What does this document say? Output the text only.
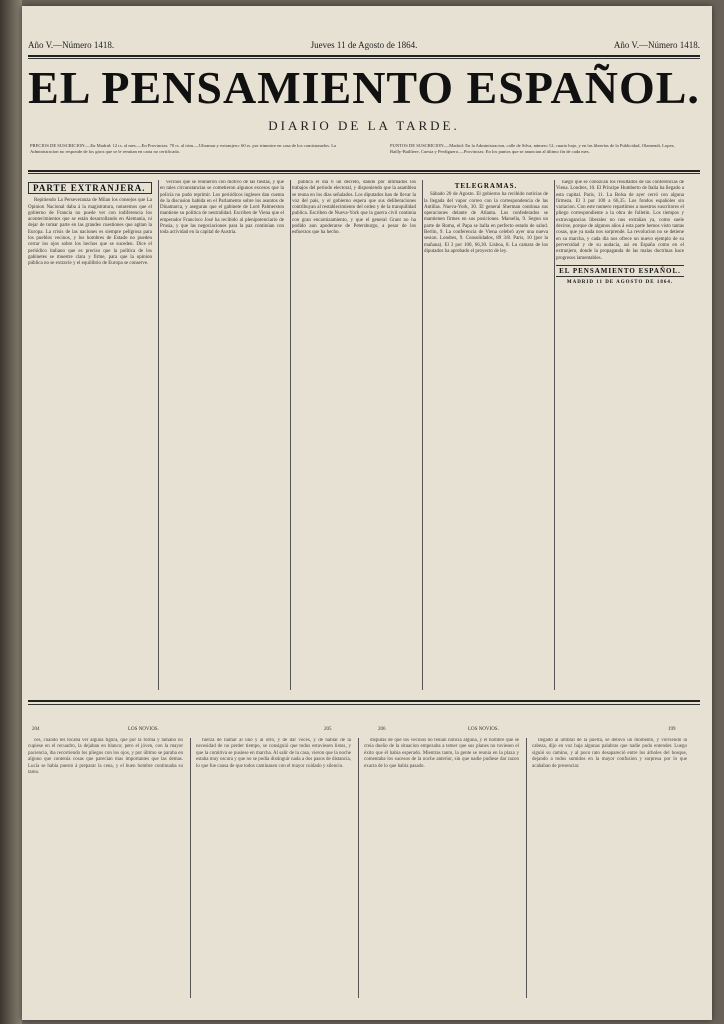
Año V.—Número 1418.	Jueves 11 de Agosto de 1864.	Año V.—Número 1418.
EL PENSAMIENTO ESPAÑOL.
DIARIO DE LA TARDE.
PRECIOS DE SUSCRICION.—En Madrid: 12 rs. al mes.—En Provincias: 70 rs. al trim.—Ultramar y extranjero: 60 rs. por trimestre en casa de los comisionados. La Administracion no responde de los giros que se le remitan en carta no certificada.
PUNTOS DE SUSCRICION.—Madrid: En la Administracion, calle de Silva, número 12, cuarto bajo, y en las librerías de la Publicidad, Olamendi, Lopez, Bailly-Bailliere, Cuesta y Perdiguero.—Provincias: En los puntos que se anuncian al último fin de cada mes.
PARTE EXTRANJERA.

Repitiendo La Perseveranza de Milan los consejos que La Opinion Nacional daba á la magistratura, notaremos que el gobierno de Francia no puede ver con indiferencia los acontecimientos que se están desarrollando en Alemania, ni dejar de tomar parte en las grandes cuestiones que agitan la Europa. La crisis de las naciones es siempre peligrosa para los pueblos vecinos, y los hombres de Estado no pueden cerrar los ojos sobre los hechos que se suceden. Dice el periódico italiano que es preciso que la política de los gabinetes se muestre clara y firme, para que la opinion pública no se extravíe y el equilibrio de Europa se conserve.

vecinos que se reunieron con motivo de las fiestas, y que en tales circunstancias se cometieron algunos excesos que la policía no pudo reprimir. Los periódicos ingleses dan cuenta de la discusion habida en el Parlamento sobre los asuntos de Dinamarca, y aseguran que el gabinete de Lord Palmerston mantiene su politica de neutralidad. Escriben de Viena que el emperador Francisco José ha recibido al plenipotenciario de Prusia, y que las negociaciones para la paz continúan con toda actividad en la capital de Austria.

publica el dia 6 un decreto, dando por ultimados los trabajos del periodo electoral, y disponiendo que la asamblea se reuna en los dias señalados. Los diputados han de llevar la voz del pais, y el gobierno espera que sus deliberaciones contribuyan al restablecimiento del orden y de la tranquilidad publica. Escriben de Nueva-York que la guerra civil continúa con gran encarnizamiento, y que el general Grant no ha podido aun apoderarse de Petersburgo, a pesar de los esfuerzos que ha hecho.

TELEGRAMAS.

Sábado 20 de Agosto. El gobierno ha recibido noticias de la llegada del vapor correo con la correspondencia de las Antillas. Nueva-York, 30. El general Sherman continua sus operaciones delante de Atlanta. Los confederados se mantienen firmes en sus posiciones. Marsella, 9. Segun un parte de Roma, el Papa se halla en perfecto estado de salud. Berlin, 9. La conferencia de Viena celebró ayer una nueva sesion. Londres, 9. Consolidados, 89 3/8. Paris, 10 (por la mañana). El 3 por 100, 66,30. Lisboa, 8. La camara de los diputados ha aprobado el proyecto de ley.

luego que se conozcan los resultados de las conferencias de Viena. Londres, 10. El Príncipe Humberto de Italia ha llegado a esta capital. Paris, 11. La Bolsa de ayer cerró con alguna firmeza. El 3 por 100 a 66,35. Los fondos españoles sin variacion. Con este numero repartimos a nuestros suscritores el pliego correspondiente a la obra de folletin. Los tiempos y extravagancias liberales no nos extrañan ya, como suele decirse, porque de algunos años á esta parte hemos visto tantas cosas, que ya nada nos sorprende. La revolucion no se detiene en su marcha, y cada dia nos ofrece un nuevo ejemplo de su perversidad y de su audacia, asi en España como en el extranjero, donde la propaganda de las malas doctrinas hace progresos lamentables.

EL PENSAMIENTO ESPAÑOL.
MADRID 11 DE AGOSTO DE 1864.
204	LOS NOVIOS.	205	206	LOS NOVIOS.	199

ces, cuando les tocaba ver alguna figura, que por la forma y tamaño no cupiese en el recuadro, la dejaban en blanco; pero el jóven, con la mayor paciencia, iba recorriendo los pliegos con los ojos, y por último se paraba en alguno que contenía cosas que parecian mas importantes que las demas. Lucía se habia puesto á preparar la cena, y el buen hombre continuaba su tarea.

fuerza de llamar al uno y al otro, y de dar voces, y de hablar de la necesidad de no perder tiempo, se consiguió que todos estuviesen listos, y que la comitiva se pusiese en marcha. Al salir de la casa, vieron que la noche estaba muy oscura y que no se podia distinguir nada a dos pasos de distancia, lo que fue causa de que todos caminasen con el mayor cuidado y silencio.

disputas de que los vecinos no tenian noticia alguna, y el hombre que se creia dueño de la situacion empezaba a temer que sus planes no tuviesen el éxito que él habia esperado. Mientras tanto, la gente se reunia en la plaza y comentaba los sucesos de la noche anterior, sin que nadie pudiese dar razon exacta de lo que habia pasado.

llegado al umbral de la puerta, se detuvo un momento, y volviendo la cabeza, dijo en voz baja algunas palabras que nadie pudo entender. Luego siguió su camino, y al poco rato desapareció entre los árboles del bosque, dejando a todos sumidos en la mayor confusion y sorpresa por lo que acababan de presenciar.
